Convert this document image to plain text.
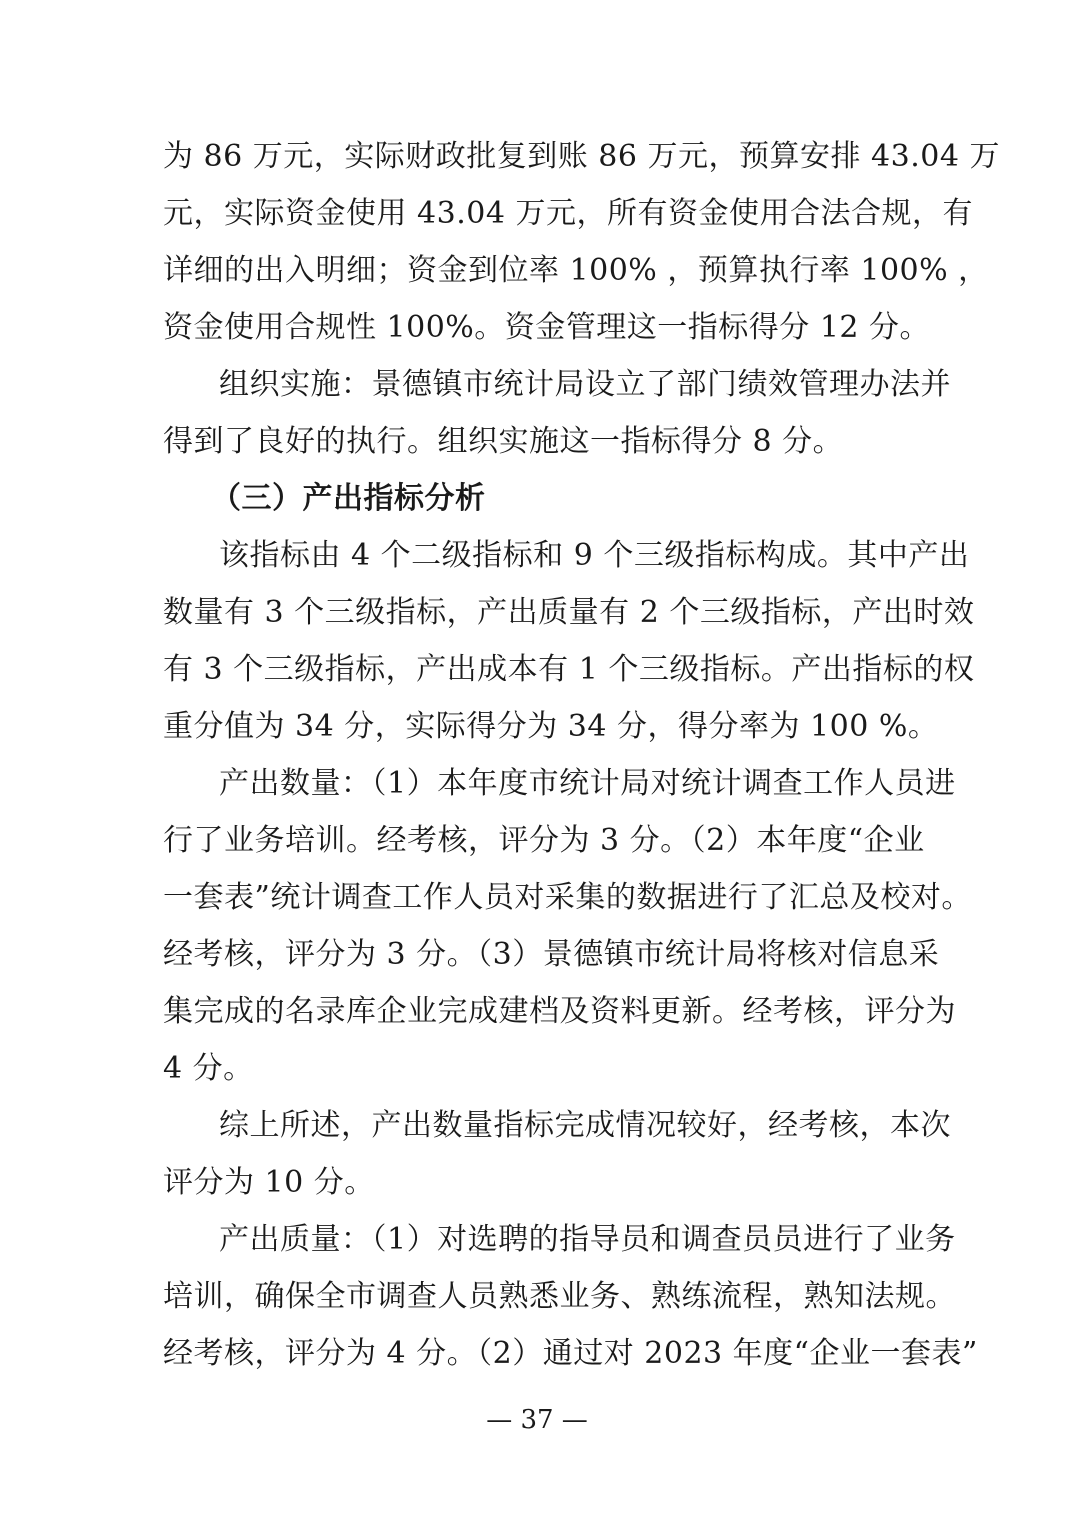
为 86 万元，实际财政批复到账 86 万元，预算安排 43.04 万
元，实际资金使用 43.04 万元，所有资金使用合法合规，有
详细的出入明细；资金到位率 100% ，预算执行率 100% ，
资金使用合规性 100%。资金管理这一指标得分 12 分。
组织实施：景德镇市统计局设立了部门绩效管理办法并
得到了良好的执行。组织实施这一指标得分 8 分。
（三）产出指标分析
该指标由 4 个二级指标和 9 个三级指标构成。其中产出
数量有 3 个三级指标，产出质量有 2 个三级指标，产出时效
有 3 个三级指标，产出成本有 1 个三级指标。产出指标的权
重分值为 34 分，实际得分为 34 分，得分率为 100 %。
产出数量：（1）本年度市统计局对统计调查工作人员进
行了业务培训。经考核，评分为 3 分。（2）本年度“企业
一套表”统计调查工作人员对采集的数据进行了汇总及校对。
经考核，评分为 3 分。（3）景德镇市统计局将核对信息采
集完成的名录库企业完成建档及资料更新。经考核，评分为
4 分。
综上所述，产出数量指标完成情况较好，经考核，本次
评分为 10 分。
产出质量：（1）对选聘的指导员和调查员员进行了业务
培训，确保全市调查人员熟悉业务、熟练流程，熟知法规。
经考核，评分为 4 分。（2）通过对 2023 年度“企业一套表”
— 37 —
